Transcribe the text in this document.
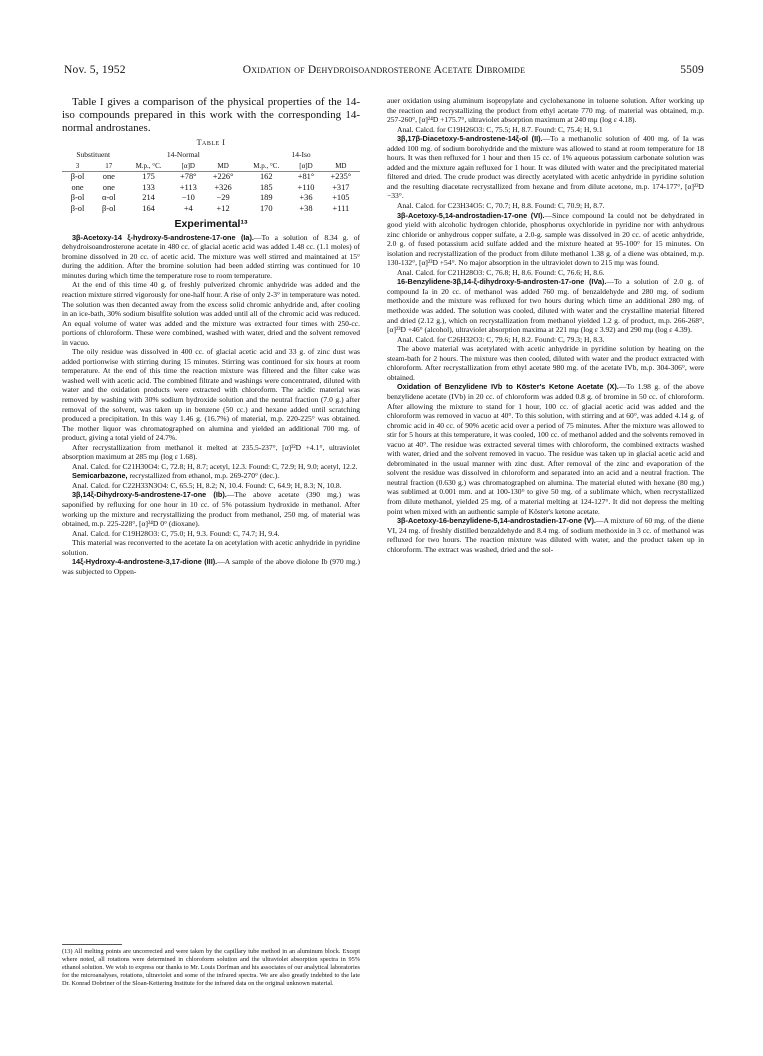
Nov. 5, 1952	Oxidation of Dehydroisoandrosterone Acetate Dibromide	5509

Table I gives a comparison of the physical properties of the 14-iso compounds prepared in this work with the corresponding 14-normal androstanes.

Table I
Substituent		14-Normal			14-Iso		
3	17	M.p., °C.	[α]D	MD	M.p., °C.	[α]D	MD
β-ol	one	175	+78°	+226°	162	+81°	+235°
one	one	133	+113	+326	185	+110	+317
β-ol	α-ol	214	−10	−29	189	+36	+105
β-ol	β-ol	164	+4	+12	170	+38	+111
Experimental¹³

3β-Acetoxy-14 ξ-hydroxy-5-androstene-17-one (Ia).—To a solution of 8.34 g. of dehydroisoandrosterone acetate in 480 cc. of glacial acetic acid was added 1.48 cc. (1.1 moles) of bromine dissolved in 20 cc. of acetic acid. The mixture was well stirred and maintained at 15° during the addition. After the bromine solution had been added stirring was continued for 10 minutes during which time the temperature rose to room temperature.

At the end of this time 40 g. of freshly pulverized chromic anhydride was added and the reaction mixture stirred vigorously for one-half hour. A rise of only 2-3° in temperature was noted. The solution was then decanted away from the excess solid chromic anhydride and, after cooling in an ice-bath, 30% sodium bisulfite solution was added until all of the chromic acid was reduced. An equal volume of water was added and the mixture was extracted four times with 250-cc. portions of chloroform. These were combined, washed with water, dried and the solvent removed in vacuo.

The oily residue was dissolved in 400 cc. of glacial acetic acid and 33 g. of zinc dust was added portionwise with stirring during 15 minutes. Stirring was continued for six hours at room temperature. At the end of this time the reaction mixture was filtered and the filter cake was washed well with acetic acid. The combined filtrate and washings were concentrated, diluted with water and the oxidation products were extracted with chloroform. The acidic material was removed by washing with 30% sodium hydroxide solution and the neutral fraction (7.0 g.) after removal of the solvent, was taken up in benzene (50 cc.) and hexane added until scratching produced a precipitation. In this way 1.46 g. (16.7%) of material, m.p. 220-225° was obtained. The mother liquor was chromatographed on alumina and yielded an additional 700 mg. of product, giving a total yield of 24.7%.

After recrystallization from methanol it melted at 235.5-237°, [α]²²D +4.1°, ultraviolet absorption maximum at 285 mμ (log ε 1.68).

Anal. Calcd. for C21H30O4: C, 72.8; H, 8.7; acetyl, 12.3. Found: C, 72.9; H, 9.0; acetyl, 12.2.

Semicarbazone, recrystallized from ethanol, m.p. 269-270° (dec.).

Anal. Calcd. for C22H33N3O4: C, 65.5; H, 8.2; N, 10.4. Found: C, 64.9; H, 8.3; N, 10.8.

3β,14ξ-Dihydroxy-5-androstene-17-one (Ib).—The above acetate (390 mg.) was saponified by refluxing for one hour in 10 cc. of 5% potassium hydroxide in methanol. After working up the mixture and recrystallizing the product from methanol, 250 mg. of material was obtained, m.p. 225-228°, [α]²⁴D 0° (dioxane).

Anal. Calcd. for C19H28O3: C, 75.0; H, 9.3. Found: C, 74.7; H, 9.4.

This material was reconverted to the acetate Ia on acetylation with acetic anhydride in pyridine solution.

14ξ-Hydroxy-4-androstene-3,17-dione (III).—A sample of the above diolone Ib (970 mg.) was subjected to Oppen-

(13) All melting points are uncorrected and were taken by the capillary tube method in an aluminum block. Except where noted, all rotations were determined in chloroform solution and the ultraviolet absorption spectra in 95% ethanol solution. We wish to express our thanks to Mr. Louis Dorfman and his associates of our analytical laboratories for the microanalyses, rotations, ultraviolet and some of the infrared spectra. We are also greatly indebted to the late Dr. Konrad Dobriner of the Sloan-Kettering Institute for the infrared data on the original unknown material.

auer oxidation using aluminum isopropylate and cyclohexanone in toluene solution. After working up the reaction and recrystallizing the product from ethyl acetate 770 mg. of material was obtained, m.p. 257-260°, [α]²⁴D +175.7°, ultraviolet absorption maximum at 240 mμ (log ε 4.18).

Anal. Calcd. for C19H26O3: C, 75.5; H, 8.7. Found: C, 75.4; H, 9.1

3β,17β-Diacetoxy-5-androstene-14ξ-ol (II).—To a methanolic solution of 400 mg. of Ia was added 100 mg. of sodium borohydride and the mixture was allowed to stand at room temperature for 18 hours. It was then refluxed for 1 hour and then 15 cc. of 1% aqueous potassium carbonate solution was added and the mixture again refluxed for 1 hour. It was diluted with water and the precipitated material filtered and dried. The crude product was directly acetylated with acetic anhydride in pyridine solution and the resulting diacetate recrystallized from hexane and from dilute acetone, m.p. 174-177°, [α]²³D −33°.

Anal. Calcd. for C23H34O5: C, 70.7; H, 8.8. Found: C, 70.9; H, 8.7.

3β-Acetoxy-5,14-androstadien-17-one (VI).—Since compound Ia could not be dehydrated in good yield with alcoholic hydrogen chloride, phosphorus oxychloride in pyridine nor with anhydrous zinc chloride or anhydrous copper sulfate, a 2.0-g. sample was dissolved in 20 cc. of acetic anhydride, 2.0 g. of fused potassium acid sulfate added and the mixture heated at 95-100° for 15 minutes. On isolation and recrystallization of the product from dilute methanol 1.38 g. of a diene was obtained, m.p. 130-132°, [α]²³D +54°. No major absorption in the ultraviolet down to 215 mμ was found.

Anal. Calcd. for C21H28O3: C, 76.8; H, 8.6. Found: C, 76.6; H, 8.6.

16-Benzylidene-3β,14-ξ-dihydroxy-5-androsten-17-one (IVa).—To a solution of 2.0 g. of compound Ia in 20 cc. of methanol was added 760 mg. of benzaldehyde and 280 mg. of sodium methoxide and the mixture was refluxed for two hours during which time an additional 280 mg. of methoxide was added. The solution was cooled, diluted with water and the crystalline material filtered and dried (2.12 g.), which on recrystallization from methanol yielded 1.2 g. of product, m.p. 266-268°, [α]²³D +46° (alcohol), ultraviolet absorption maxima at 221 mμ (log ε 3.92) and 290 mμ (log ε 4.39).

Anal. Calcd. for C26H32O3: C, 79.6; H, 8.2. Found: C, 79.3; H, 8.3.

The above material was acetylated with acetic anhydride in pyridine solution by heating on the steam-bath for 2 hours. The mixture was then cooled, diluted with water and the product extracted with chloroform. After recrystallization from ethyl acetate 980 mg. of the acetate IVb, m.p. 304-306°, were obtained.

Oxidation of Benzylidene IVb to Köster's Ketone Acetate (X).—To 1.98 g. of the above benzylidene acetate (IVb) in 20 cc. of chloroform was added 0.8 g. of bromine in 50 cc. of chloroform. After allowing the mixture to stand for 1 hour, 100 cc. of glacial acetic acid was added and the chloroform was removed in vacuo at 40°. To this solution, with stirring and at 60°, was added 4.14 g. of chromic acid in 40 cc. of 90% acetic acid over a period of 75 minutes. After the mixture was allowed to stir for 5 hours at this temperature, it was cooled, 100 cc. of methanol added and the solvents removed in vacuo at 40°. The residue was extracted several times with chloroform, the combined extracts washed with water, dried and the solvent removed in vacuo. The residue was taken up in glacial acetic acid and debrominated in the usual manner with zinc dust. After removal of the zinc and evaporation of the solvent the residue was dissolved in chloroform and separated into an acid and a neutral fraction. The neutral fraction (0.630 g.) was chromatographed on alumina. The material eluted with hexane (80 mg.) was sublimed at 0.001 mm. and at 100-130° to give 50 mg. of a sublimate which, when recrystallized from dilute methanol, yielded 25 mg. of a material melting at 124-127°. It did not depress the melting point when mixed with an authentic sample of Köster's ketone acetate.

3β-Acetoxy-16-benzylidene-5,14-androstadien-17-one (V).—A mixture of 60 mg. of the diene VI, 24 mg. of freshly distilled benzaldehyde and 8.4 mg. of sodium methoxide in 3 cc. of methanol was refluxed for two hours. The reaction mixture was diluted with water, and the product taken up in chloroform. The extract was washed, dried and the sol-
